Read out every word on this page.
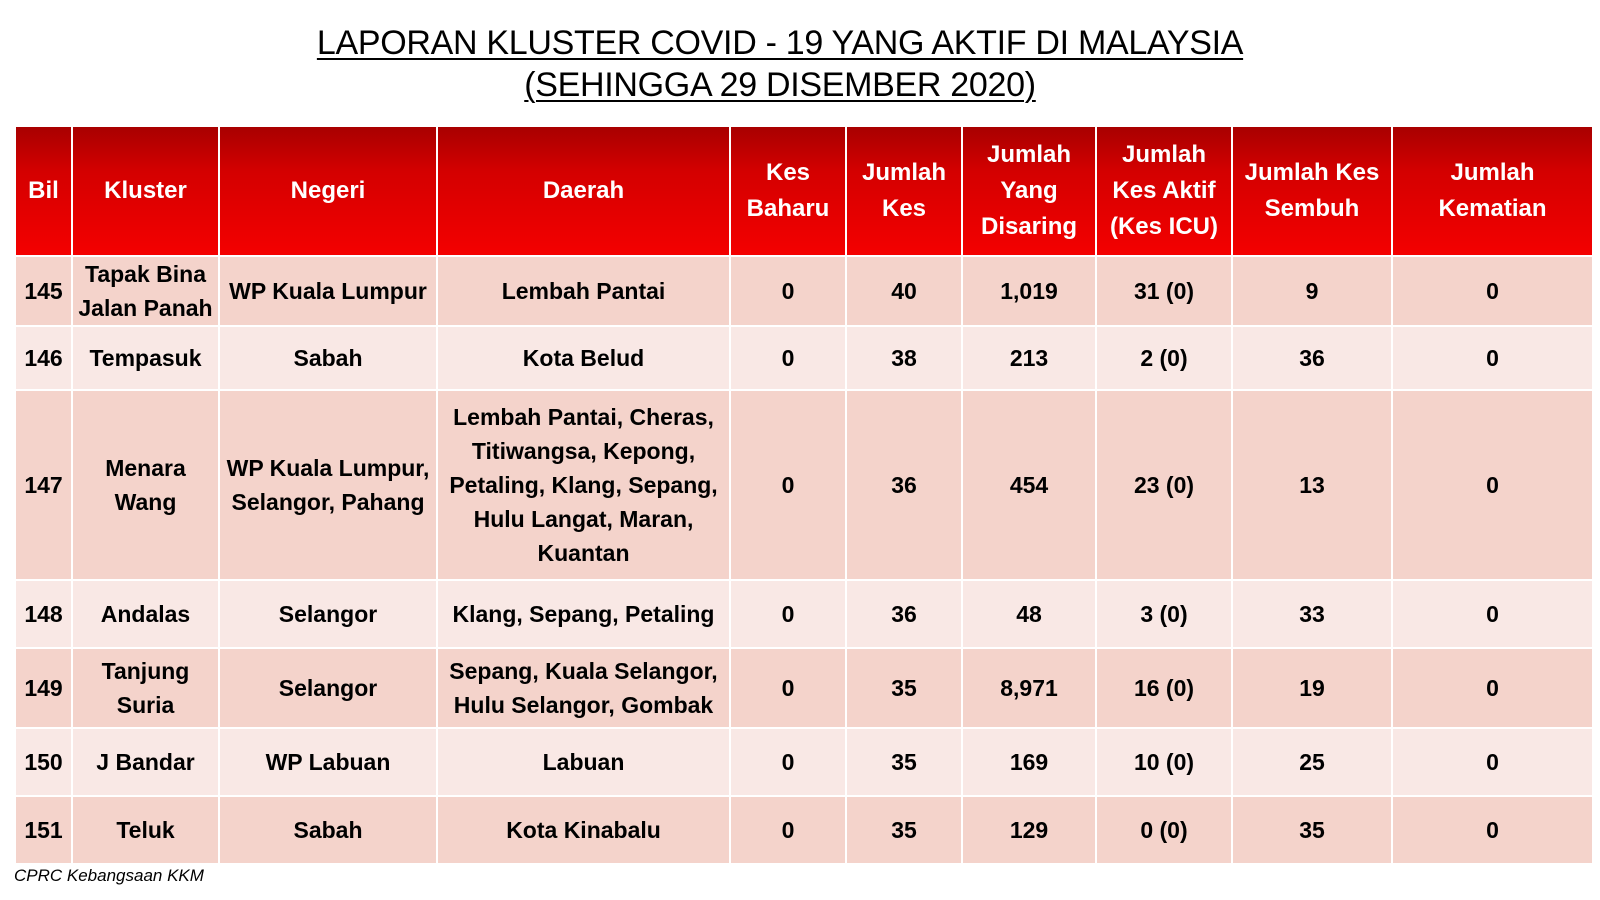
LAPORAN KLUSTER COVID - 19 YANG AKTIF DI MALAYSIA
(SEHINGGA 29 DISEMBER 2020)
Bil	Kluster	Negeri	Daerah	Kes Baharu	Jumlah Kes	Jumlah Yang Disaring	Jumlah Kes Aktif (Kes ICU)	Jumlah Kes Sembuh	Jumlah Kematian
145	Tapak Bina Jalan Panah	WP Kuala Lumpur	Lembah Pantai	0	40	1,019	31 (0)	9	0
146	Tempasuk	Sabah	Kota Belud	0	38	213	2 (0)	36	0
147	Menara Wang	WP Kuala Lumpur, Selangor, Pahang	Lembah Pantai, Cheras, Titiwangsa, Kepong, Petaling, Klang, Sepang, Hulu Langat, Maran, Kuantan	0	36	454	23 (0)	13	0
148	Andalas	Selangor	Klang, Sepang, Petaling	0	36	48	3 (0)	33	0
149	Tanjung Suria	Selangor	Sepang, Kuala Selangor, Hulu Selangor, Gombak	0	35	8,971	16 (0)	19	0
150	J Bandar	WP Labuan	Labuan	0	35	169	10 (0)	25	0
151	Teluk	Sabah	Kota Kinabalu	0	35	129	0 (0)	35	0
CPRC Kebangsaan KKM
